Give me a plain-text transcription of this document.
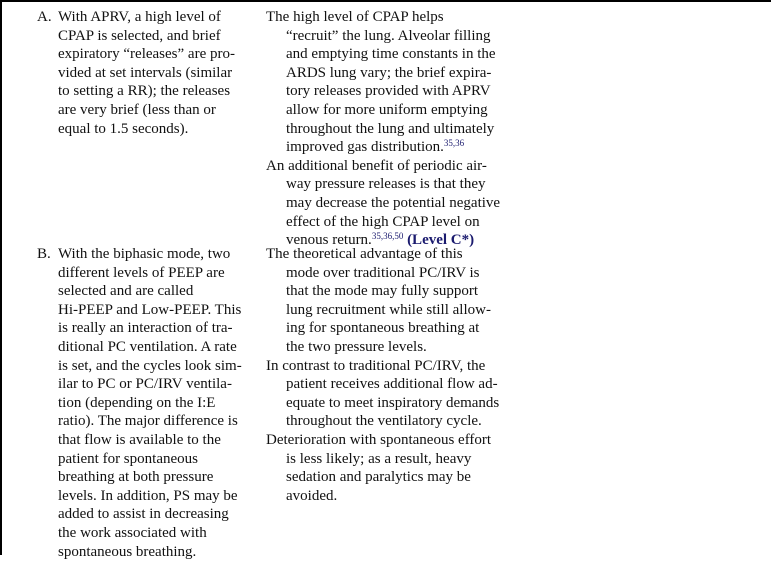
A. With APRV, a high level of
CPAP is selected, and brief
expiratory “releases” are pro-
vided at set intervals (similar
to setting a RR); the releases
are very brief (less than or
equal to 1.5 seconds).
The high level of CPAP helps
“recruit” the lung. Alveolar filling
and emptying time constants in the
ARDS lung vary; the brief expira-
tory releases provided with APRV
allow for more uniform emptying
throughout the lung and ultimately
improved gas distribution.$^{35,36}$
An additional benefit of periodic air-
way pressure releases is that they
may decrease the potential negative
effect of the high CPAP level on
venous return.$^{35,36,50}$ (Level C*)
B. With the biphasic mode, two
different levels of PEEP are
selected and are called
Hi-PEEP and Low-PEEP. This
is really an interaction of tra-
ditional PC ventilation. A rate
is set, and the cycles look sim-
ilar to PC or PC/IRV ventila-
tion (depending on the I:E
ratio). The major difference is
that flow is available to the
patient for spontaneous
breathing at both pressure
levels. In addition, PS may be
added to assist in decreasing
the work associated with
spontaneous breathing.
The theoretical advantage of this
mode over traditional PC/IRV is
that the mode may fully support
lung recruitment while still allow-
ing for spontaneous breathing at
the two pressure levels.
In contrast to traditional PC/IRV, the
patient receives additional flow ad-
equate to meet inspiratory demands
throughout the ventilatory cycle.
Deterioration with spontaneous effort
is less likely; as a result, heavy
sedation and paralytics may be
avoided.
